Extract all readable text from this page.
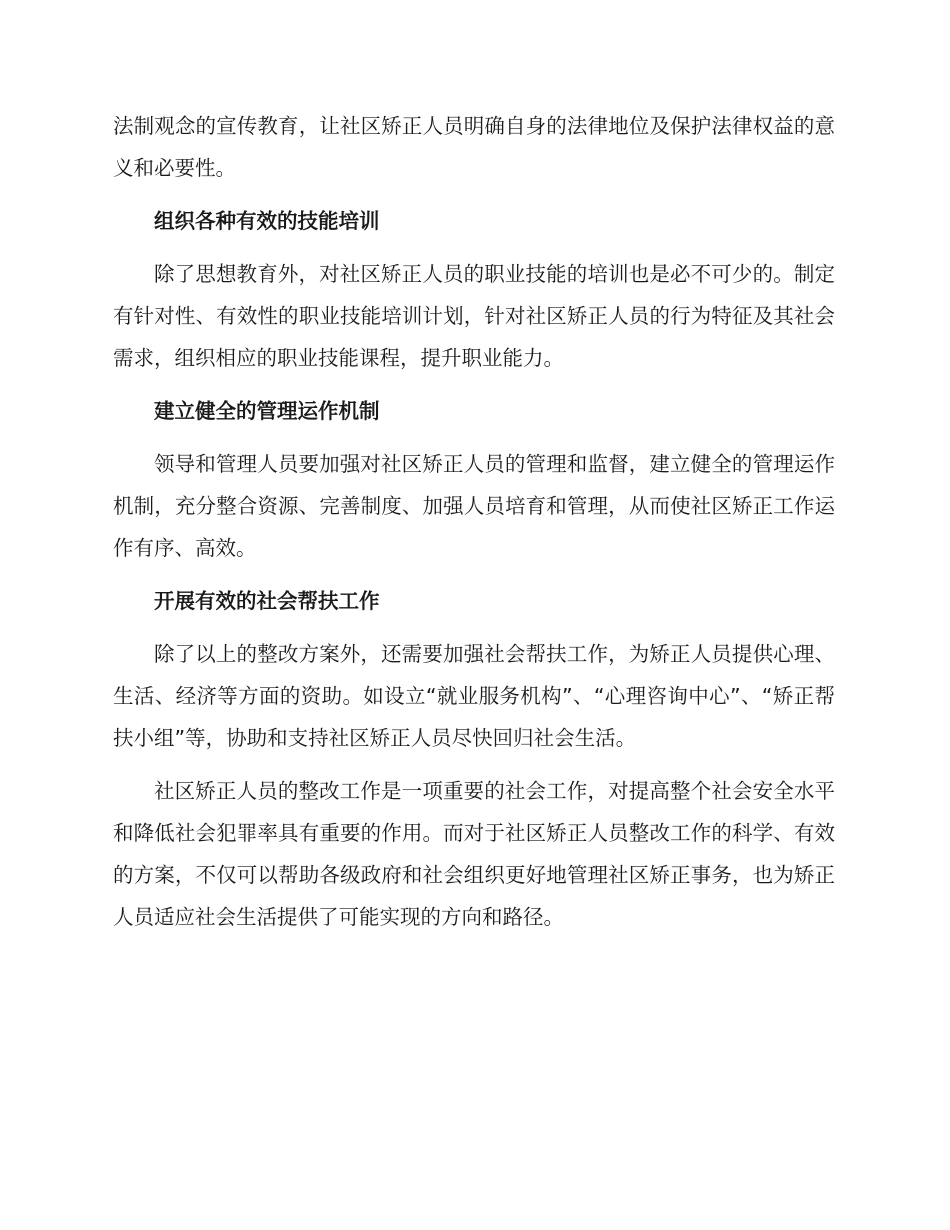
法制观念的宣传教育，让社区矫正人员明确自身的法律地位及保护法律权益的意义和必要性。

组织各种有效的技能培训

除了思想教育外，对社区矫正人员的职业技能的培训也是必不可少的。制定有针对性、有效性的职业技能培训计划，针对社区矫正人员的行为特征及其社会需求，组织相应的职业技能课程，提升职业能力。

建立健全的管理运作机制

领导和管理人员要加强对社区矫正人员的管理和监督，建立健全的管理运作机制，充分整合资源、完善制度、加强人员培育和管理，从而使社区矫正工作运作有序、高效。

开展有效的社会帮扶工作

除了以上的整改方案外，还需要加强社会帮扶工作，为矫正人员提供心理、生活、经济等方面的资助。如设立“就业服务机构”、“心理咨询中心”、“矫正帮扶小组”等，协助和支持社区矫正人员尽快回归社会生活。

社区矫正人员的整改工作是一项重要的社会工作，对提高整个社会安全水平和降低社会犯罪率具有重要的作用。而对于社区矫正人员整改工作的科学、有效的方案，不仅可以帮助各级政府和社会组织更好地管理社区矫正事务，也为矫正人员适应社会生活提供了可能实现的方向和路径。
